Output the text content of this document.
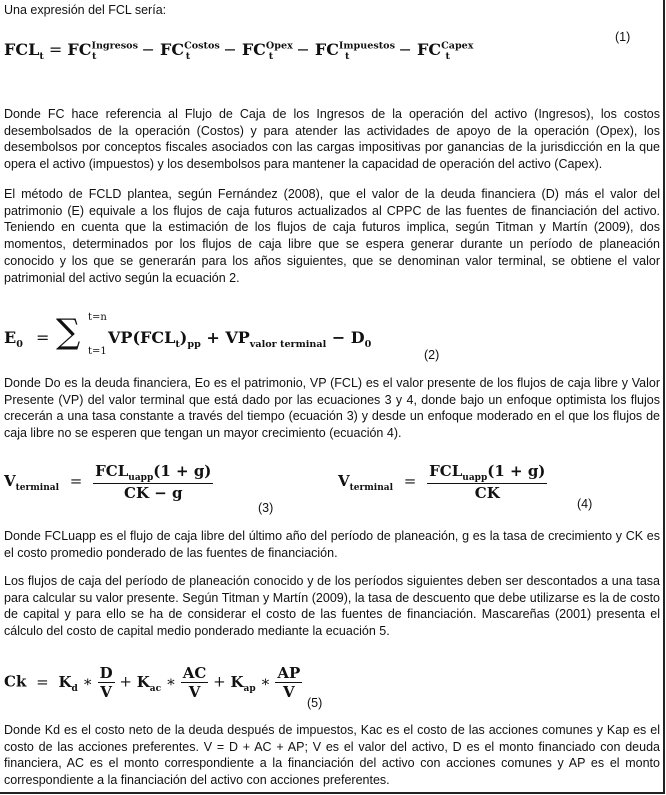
Una expresión del FCL sería:

$FCL_t = FC^{Ingresos}_t$	− $FC^{Costos}_t - FC^{Opex}_t - FC^{Impuestos}_t$	− $FC^{Capex}_t$
(1)

Donde FC hace referencia al Flujo de Caja de los Ingresos de la operación del activo (Ingresos), los costos desembolsados de la operación (Costos) y para atender las actividades de apoyo de la operación (Opex), los desembolsos por conceptos fiscales asociados con las cargas impositivas por ganancias de la jurisdicción en la que opera el activo (impuestos) y los desembolsos para mantener la capacidad de operación del activo (Capex).

El método de FCLD plantea, según Fernández (2008), que el valor de la deuda financiera (D) más el valor del patrimonio (E) equivale a los flujos de caja futuros actualizados al CPPC de las fuentes de financiación del activo. Teniendo en cuenta que la estimación de los flujos de caja futuros implica, según Titman y Martín (2009), dos momentos, determinados por los flujos de caja libre que se espera generar durante un período de planeación conocido y los que se generarán para los años siguientes, que se denominan valor terminal, se obtiene el valor patrimonial del activo según la ecuación 2.

$E_0$ = ∑ t=n
t=1
$VP(FCL_t)_{pp} + VP_{valor terminal} - D_0$
(2)

Donde Do es la deuda financiera, Eo es el patrimonio, VP (FCL) es el valor presente de los flujos de caja libre y Valor Presente (VP) del valor terminal que está dado por las ecuaciones 3 y 4, donde bajo un enfoque optimista los flujos crecerán a una tasa constante a través del tiempo (ecuación 3) y desde un enfoque moderado en el que los flujos de caja libre no se esperen que tengan un mayor crecimiento (ecuación 4).

$V_{terminal} = \frac{FCL_{uapp}(1 + g)}{CK - g}$
(3)
$V_{terminal} = \frac{FCL_{uapp}(1 + g)}{CK}$
(4)

Donde FCLuapp es el flujo de caja libre del último año del período de planeación, g es la tasa de crecimiento y CK es el costo promedio ponderado de las fuentes de financiación.

Los flujos de caja del período de planeación conocido y de los períodos siguientes deben ser descontados a una tasa para calcular su valor presente. Según Titman y Martín (2009), la tasa de descuento que debe utilizarse es la de costo de capital y para ello se ha de considerar el costo de las fuentes de financiación. Mascareñas (2001) presenta el cálculo del costo de capital medio ponderado mediante la ecuación 5.

$Ck = K_d$ ∗ $\frac{D}{V} + K_{ac}$ ∗ $\frac{AC}{V} + K_{ap}$ ∗ $\frac{AP}{V}$
(5)

Donde Kd es el costo neto de la deuda después de impuestos, Kac es el costo de las acciones comunes y Kap es el costo de las acciones preferentes. V = D + AC + AP; V es el valor del activo, D es el monto financiado con deuda financiera, AC es el monto correspondiente a la financiación del activo con acciones comunes y AP es el monto correspondiente a la financiación del activo con acciones preferentes.
